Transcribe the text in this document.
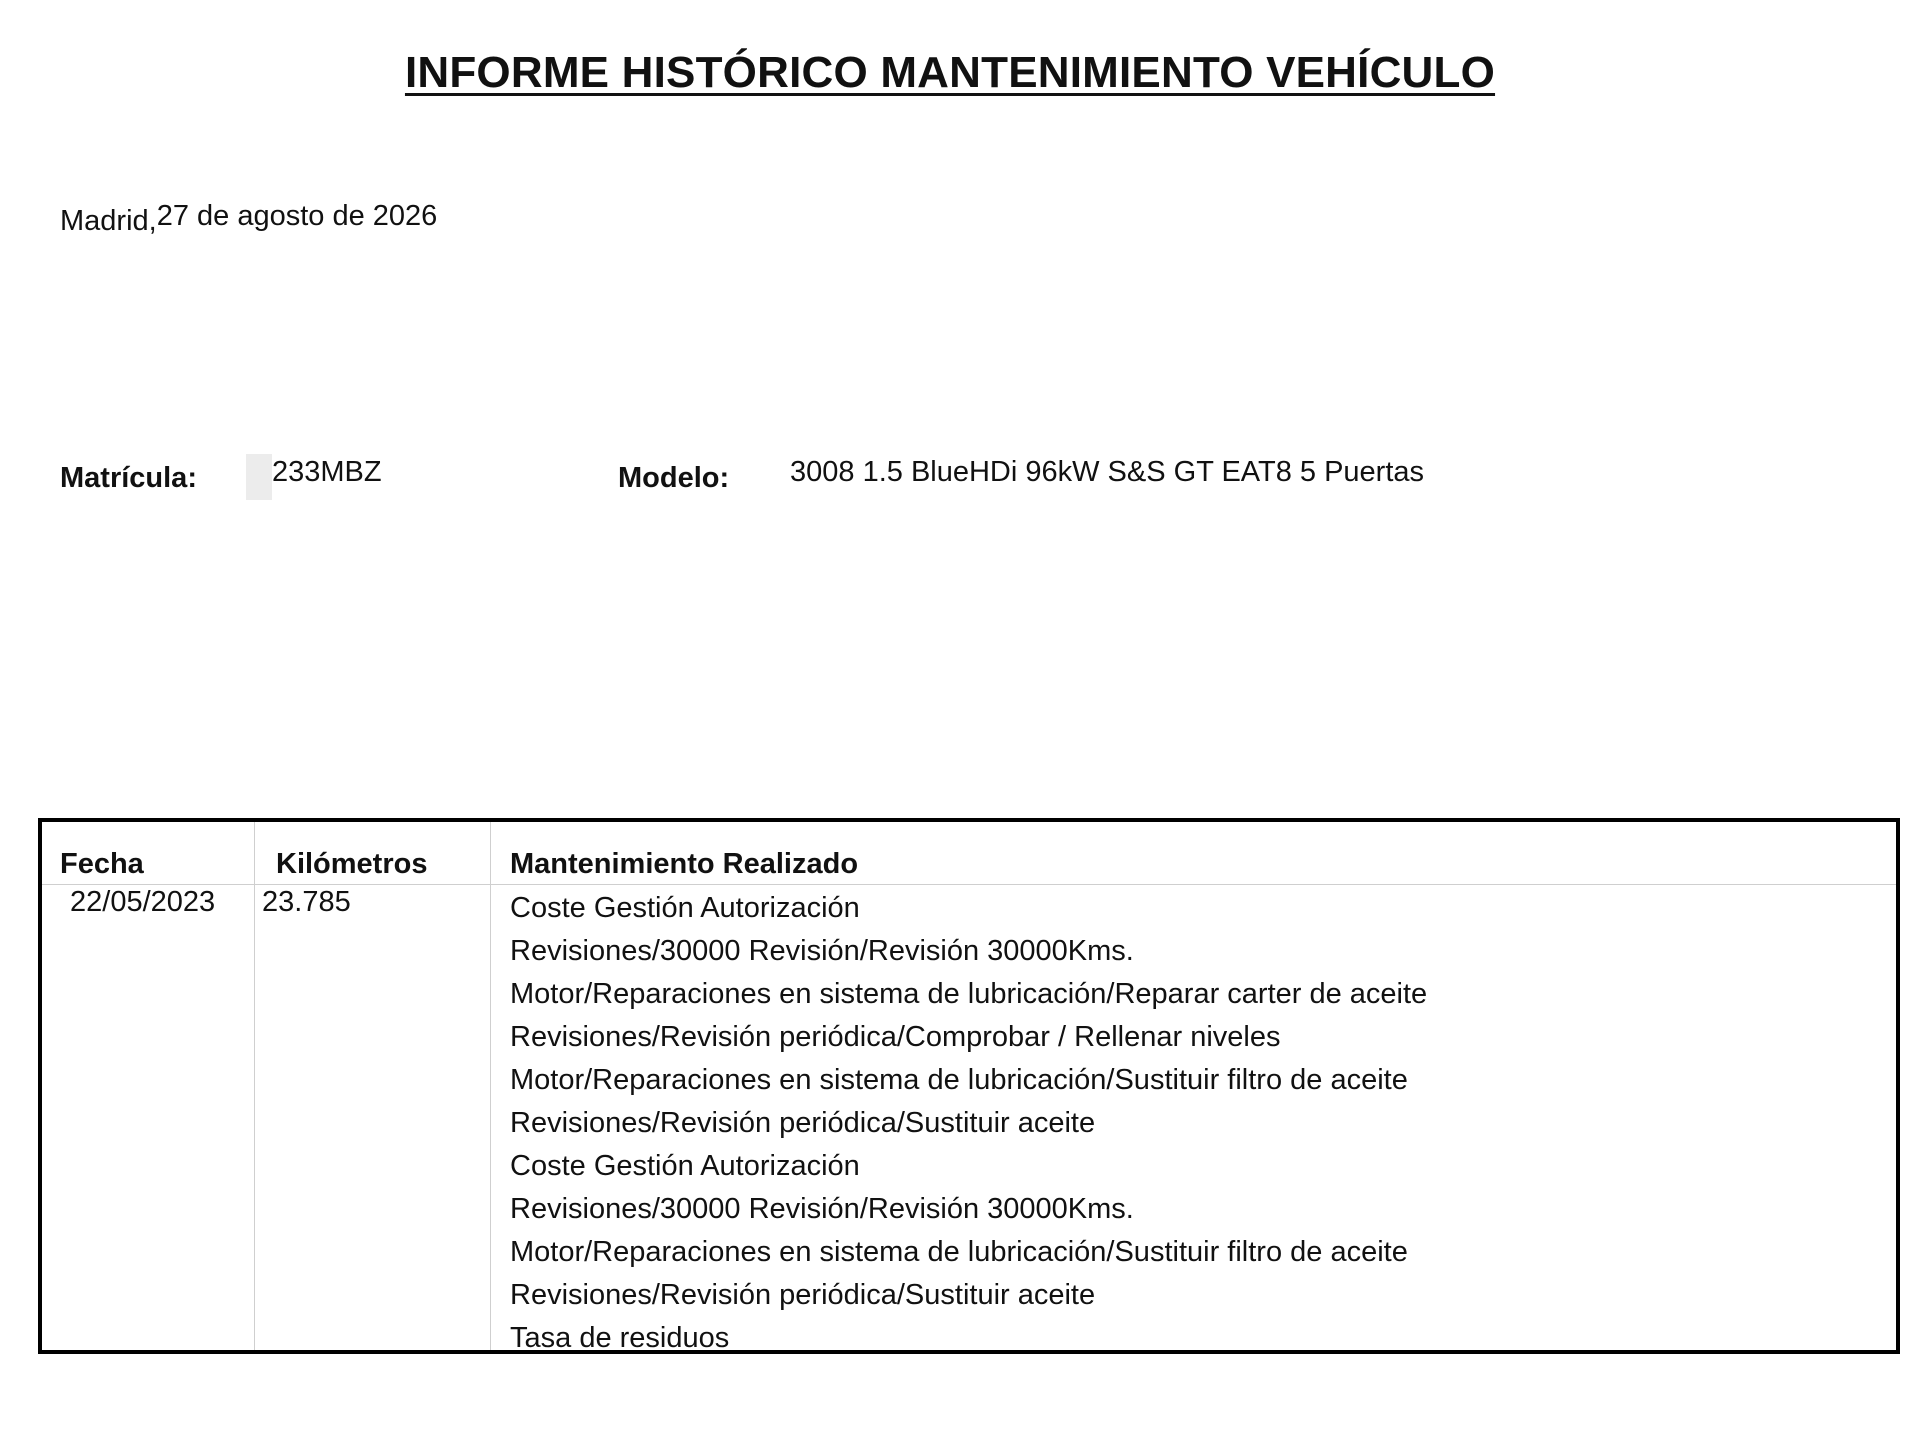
INFORME HISTÓRICO MANTENIMIENTO VEHÍCULO
Madrid,27 de agosto de 2026
Matrícula:	233MBZ	Modelo: 3008 1.5 BlueHDi 96kW S&S GT EAT8 5 Puertas
Fecha	Kilómetros	Mantenimiento Realizado
22/05/2023 23.785	Coste Gestión Autorización
Revisiones/30000 Revisión/Revisión 30000Kms.
Motor/Reparaciones en sistema de lubricación/Reparar carter de aceite
Revisiones/Revisión periódica/Comprobar / Rellenar niveles
Motor/Reparaciones en sistema de lubricación/Sustituir filtro de aceite
Revisiones/Revisión periódica/Sustituir aceite
Coste Gestión Autorización
Revisiones/30000 Revisión/Revisión 30000Kms.
Motor/Reparaciones en sistema de lubricación/Sustituir filtro de aceite
Revisiones/Revisión periódica/Sustituir aceite
Tasa de residuos
